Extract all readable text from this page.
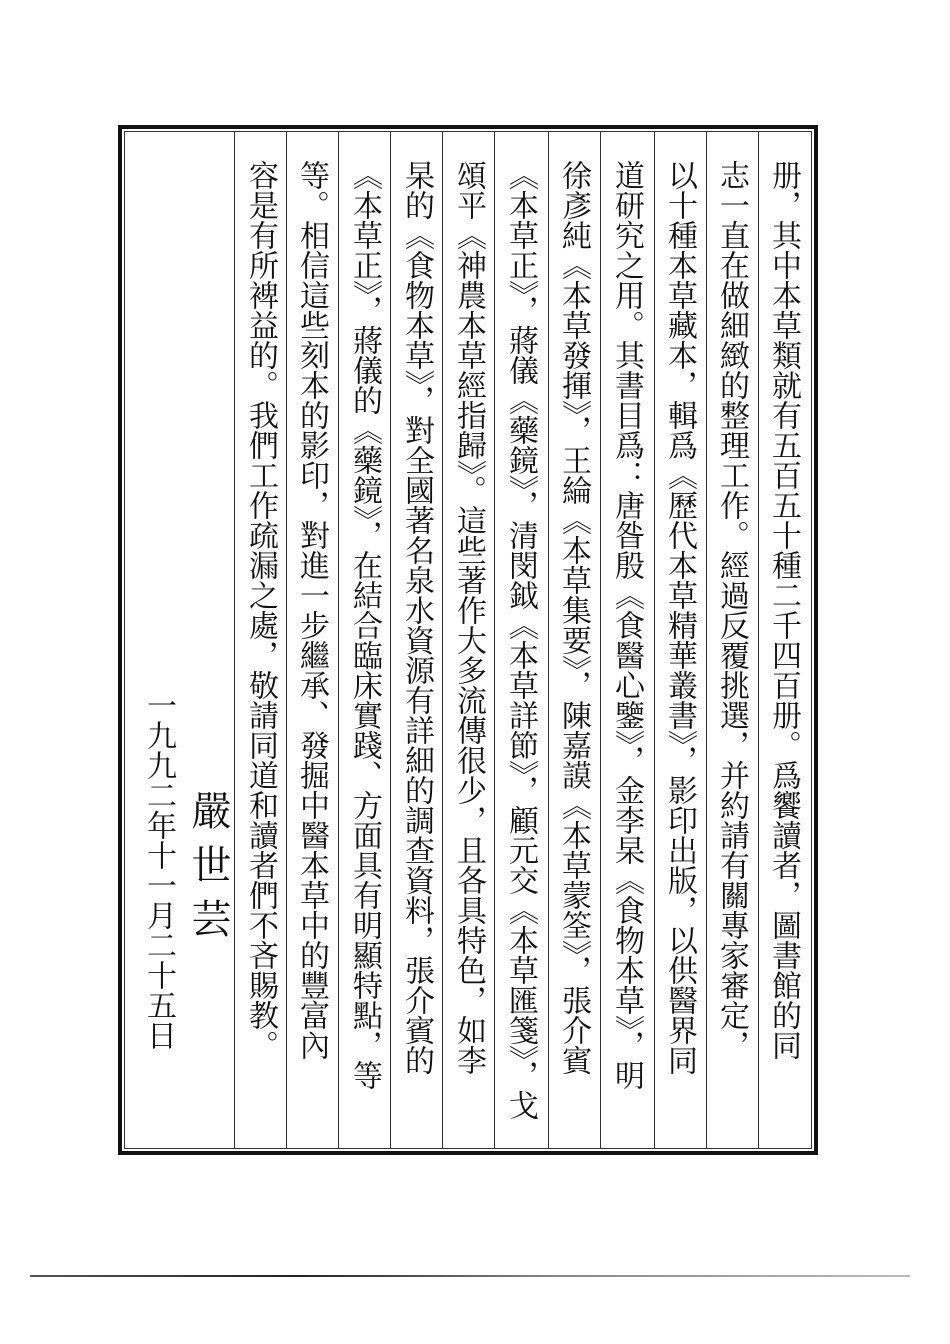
册，其中本草類就有五百五十種二千四百册。爲饗讀者，圖書館的同
志一直在做細緻的整理工作。經過反覆挑選，并約請有關專家審定，
以十種本草藏本，輯爲《歷代本草精華叢書》，影印出版，以供醫界同
道研究之用。其書目爲：唐昝殷《食醫心鑒》，金李杲《食物本草》，明
徐彥純《本草發揮》，王綸《本草集要》，陳嘉謨《本草蒙筌》，張介賓
《本草正》，蔣儀《藥鏡》，清閔鉞《本草詳節》，顧元交《本草匯箋》，戈
頌平《神農本草經指歸》。這些著作大多流傳很少，且各具特色，如李
杲的《食物本草》，對全國著名泉水資源有詳細的調查資料，張介賓的
《本草正》，蔣儀的《藥鏡》，在結合臨床實踐、方面具有明顯特點，等
等。相信這些刻本的影印，對進一步繼承、發掘中醫本草中的豐富內
容是有所裨益的。我們工作疏漏之處，敬請同道和讀者們不吝賜教。
嚴世芸
一九九二年十一月二十五日
